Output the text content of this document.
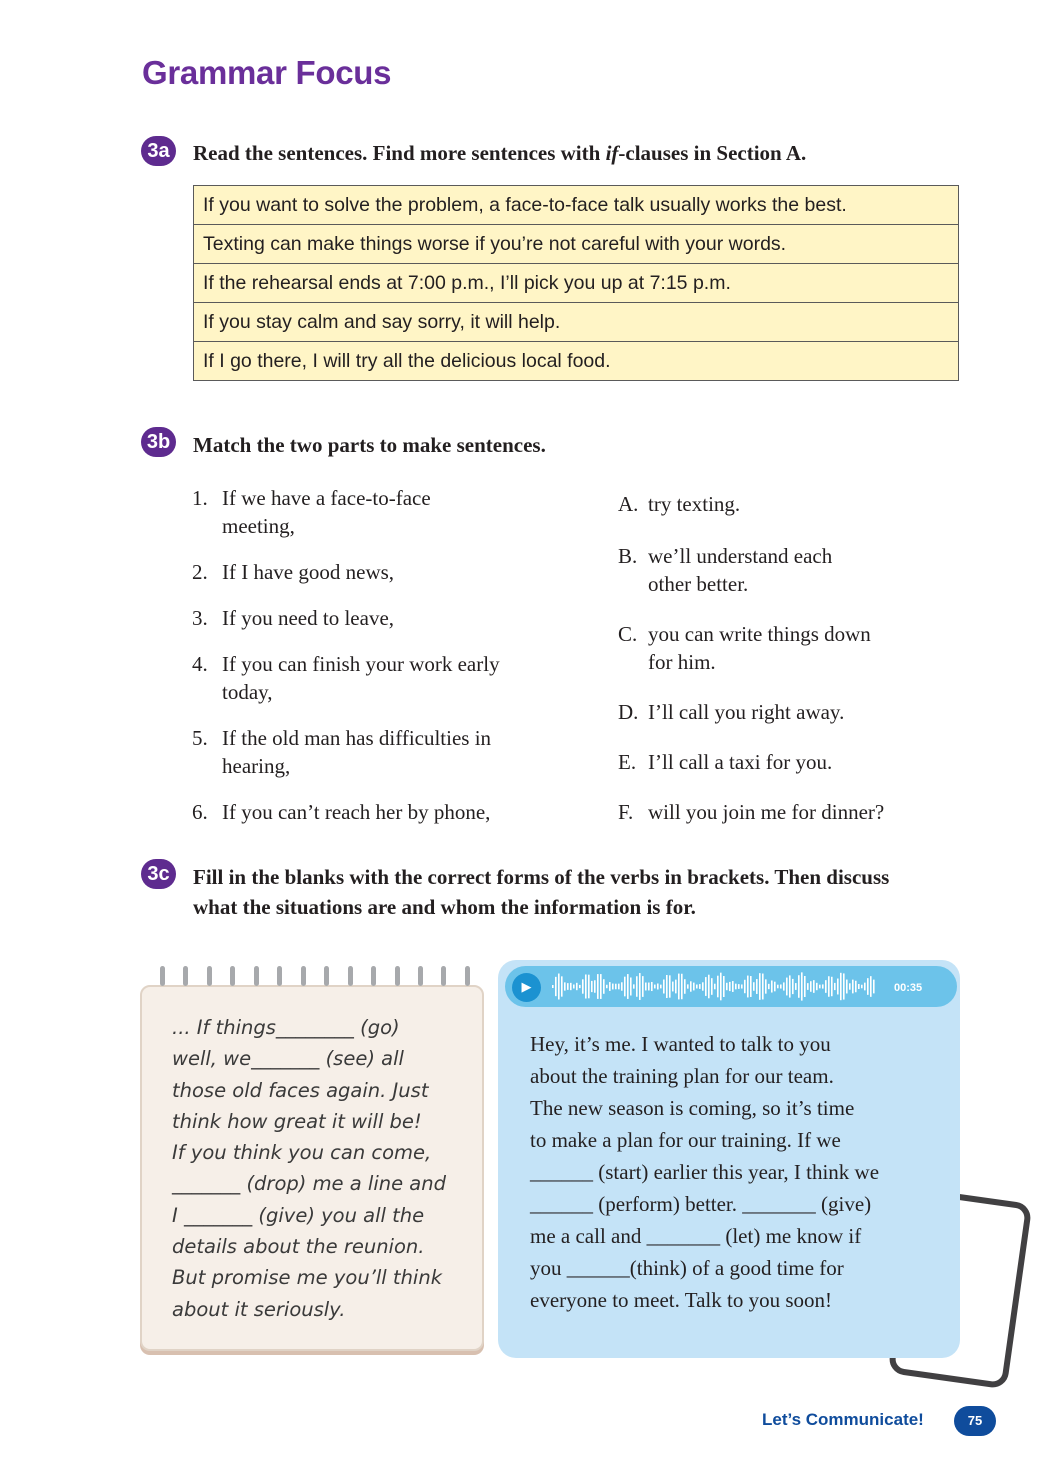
Grammar Focus
3a	Read the sentences. Find more sentences with if-clauses in Section A.
If you want to solve the problem, a face-to-face talk usually works the best.
Texting can make things worse if you’re not careful with your words.
If the rehearsal ends at 7:00 p.m., I’ll pick you up at 7:15 p.m.
If you stay calm and say sorry, it will help.
If I go there, I will try all the delicious local food.
3b Match the two parts to make sentences.
1. If we have a face-to-face
meeting,
2. If I have good news,
3. If you need to leave,
4. If you can finish your work early
today,
5. If the old man has difficulties in
hearing,
6. If you can’t reach her by phone,
A. try texting.
B. we’ll understand each
other better.
C. you can write things down
for him.
D. I’ll call you right away.
E. I’ll call a taxi for you.
F. will you join me for dinner?
3c	Fill in the blanks with the correct forms of the verbs in brackets. Then discuss
what the situations are and whom the information is for.
... If things________ (go)
well, we_______ (see) all
those old faces again. Just
think how great it will be!
If you think you can come,
_______ (drop) me a line and
I _______ (give) you all the
details about the reunion.
But promise me you’ll think
about it seriously.
▶	00:35
Hey, it’s me. I wanted to talk to you
about the training plan for our team.
The new season is coming, so it’s time
to make a plan for our training. If we
______ (start) earlier this year, I think we
______ (perform) better. _______ (give)
me a call and _______ (let) me know if
you ______(think) of a good time for
everyone to meet. Talk to you soon!
Let’s Communicate!	75
